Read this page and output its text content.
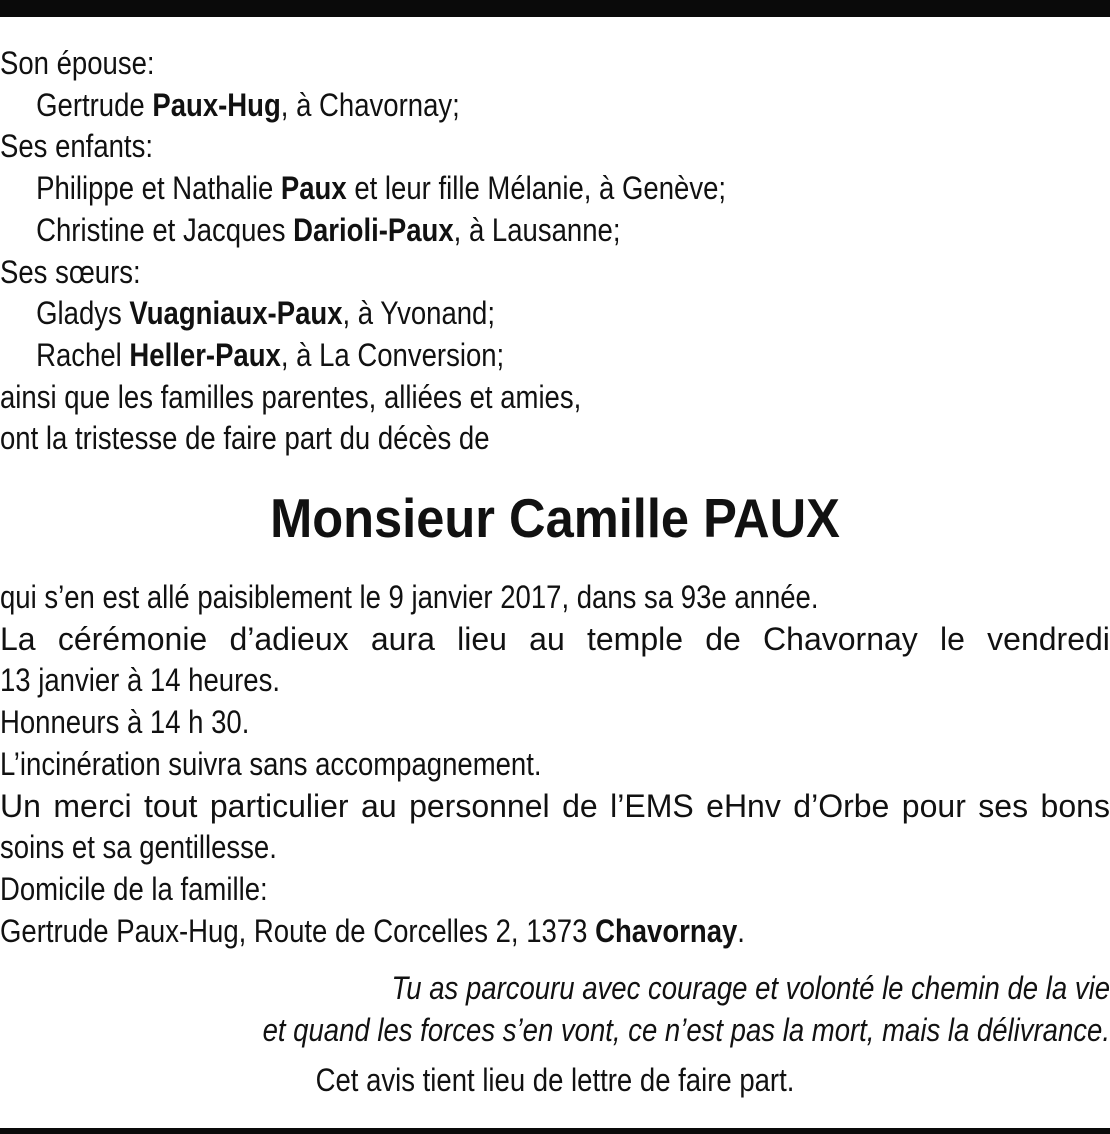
Son épouse:
Gertrude Paux-Hug, à Chavornay;
Ses enfants:
Philippe et Nathalie Paux et leur fille Mélanie, à Genève;
Christine et Jacques Darioli-Paux, à Lausanne;
Ses sœurs:
Gladys Vuagniaux-Paux, à Yvonand;
Rachel Heller-Paux, à La Conversion;
ainsi que les familles parentes, alliées et amies,
ont la tristesse de faire part du décès de
Monsieur Camille PAUX
qui s’en est allé paisiblement le 9 janvier 2017, dans sa 93e année.
La cérémonie d’adieux aura lieu au temple de Chavornay le vendredi
13 janvier à 14 heures.
Honneurs à 14 h 30.
L’incinération suivra sans accompagnement.
Un merci tout particulier au personnel de l’EMS eHnv d’Orbe pour ses bons
soins et sa gentillesse.
Domicile de la famille:
Gertrude Paux-Hug, Route de Corcelles 2, 1373 Chavornay.
Tu as parcouru avec courage et volonté le chemin de la vie
et quand les forces s’en vont, ce n’est pas la mort, mais la délivrance.
Cet avis tient lieu de lettre de faire part.
